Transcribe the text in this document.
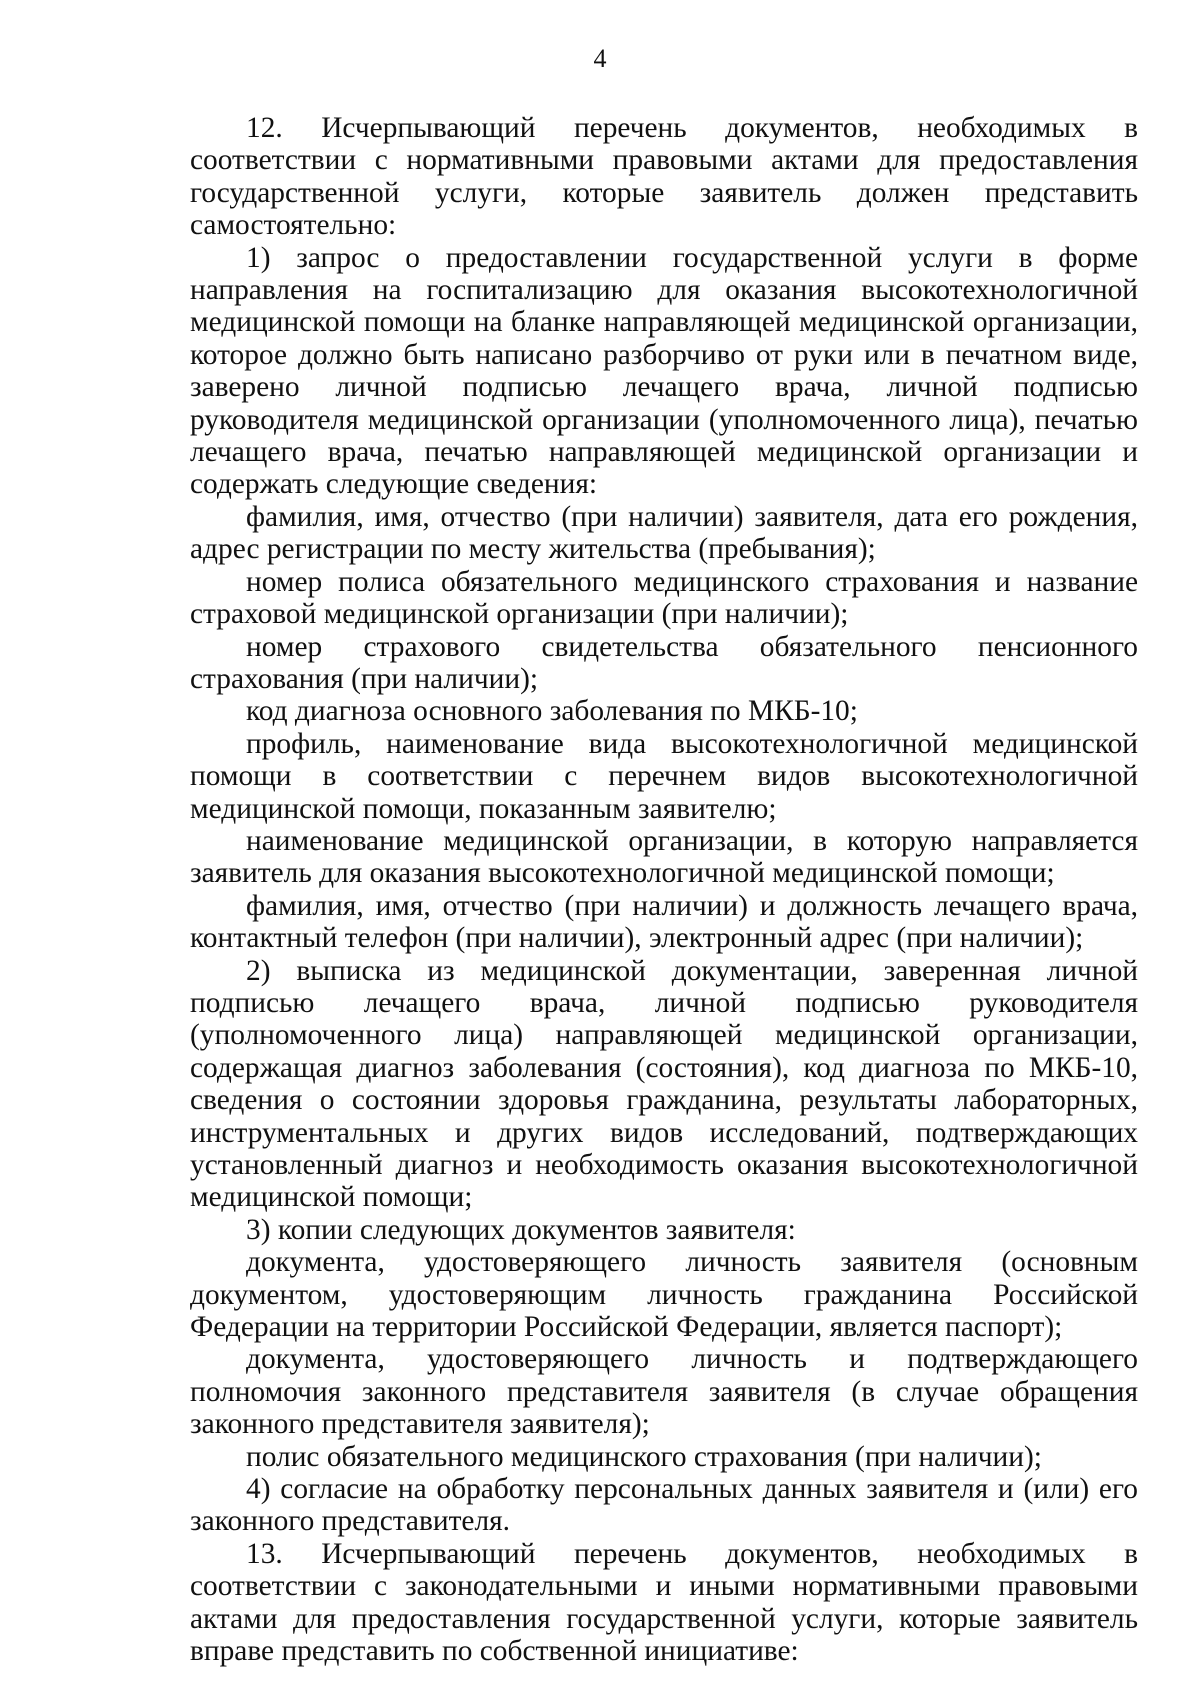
4

12. Исчерпывающий перечень документов, необходимых в соответствии с нормативными правовыми актами для предоставления государственной услуги, которые заявитель должен представить самостоятельно:

1) запрос о предоставлении государственной услуги в форме направления на госпитализацию для оказания высокотехнологичной медицинской помощи на бланке направляющей медицинской организации, которое должно быть написано разборчиво от руки или в печатном виде, заверено личной подписью лечащего врача, личной подписью руководителя медицинской организации (уполномоченного лица), печатью лечащего врача, печатью направляющей медицинской организации и содержать следующие сведения:

фамилия, имя, отчество (при наличии) заявителя, дата его рождения, адрес регистрации по месту жительства (пребывания);

номер полиса обязательного медицинского страхования и название страховой медицинской организации (при наличии);

номер страхового свидетельства обязательного пенсионного страхования (при наличии);

код диагноза основного заболевания по МКБ-10;

профиль, наименование вида высокотехнологичной медицинской помощи в соответствии с перечнем видов высокотехнологичной медицинской помощи, показанным заявителю;

наименование медицинской организации, в которую направляется заявитель для оказания высокотехнологичной медицинской помощи;

фамилия, имя, отчество (при наличии) и должность лечащего врача, контактный телефон (при наличии), электронный адрес (при наличии);

2) выписка из медицинской документации, заверенная личной подписью лечащего врача, личной подписью руководителя (уполномоченного лица) направляющей медицинской организации, содержащая диагноз заболевания (состояния), код диагноза по МКБ-10, сведения о состоянии здоровья гражданина, результаты лабораторных, инструментальных и других видов исследований, подтверждающих установленный диагноз и необходимость оказания высокотехнологичной медицинской помощи;

3) копии следующих документов заявителя:

документа, удостоверяющего личность заявителя (основным документом, удостоверяющим личность гражданина Российской Федерации на территории Российской Федерации, является паспорт);

документа, удостоверяющего личность и подтверждающего полномочия законного представителя заявителя (в случае обращения законного представителя заявителя);

полис обязательного медицинского страхования (при наличии);

4) согласие на обработку персональных данных заявителя и (или) его законного представителя.

13. Исчерпывающий перечень документов, необходимых в соответствии с законодательными и иными нормативными правовыми актами для предоставления государственной услуги, которые заявитель вправе представить по собственной инициативе:
